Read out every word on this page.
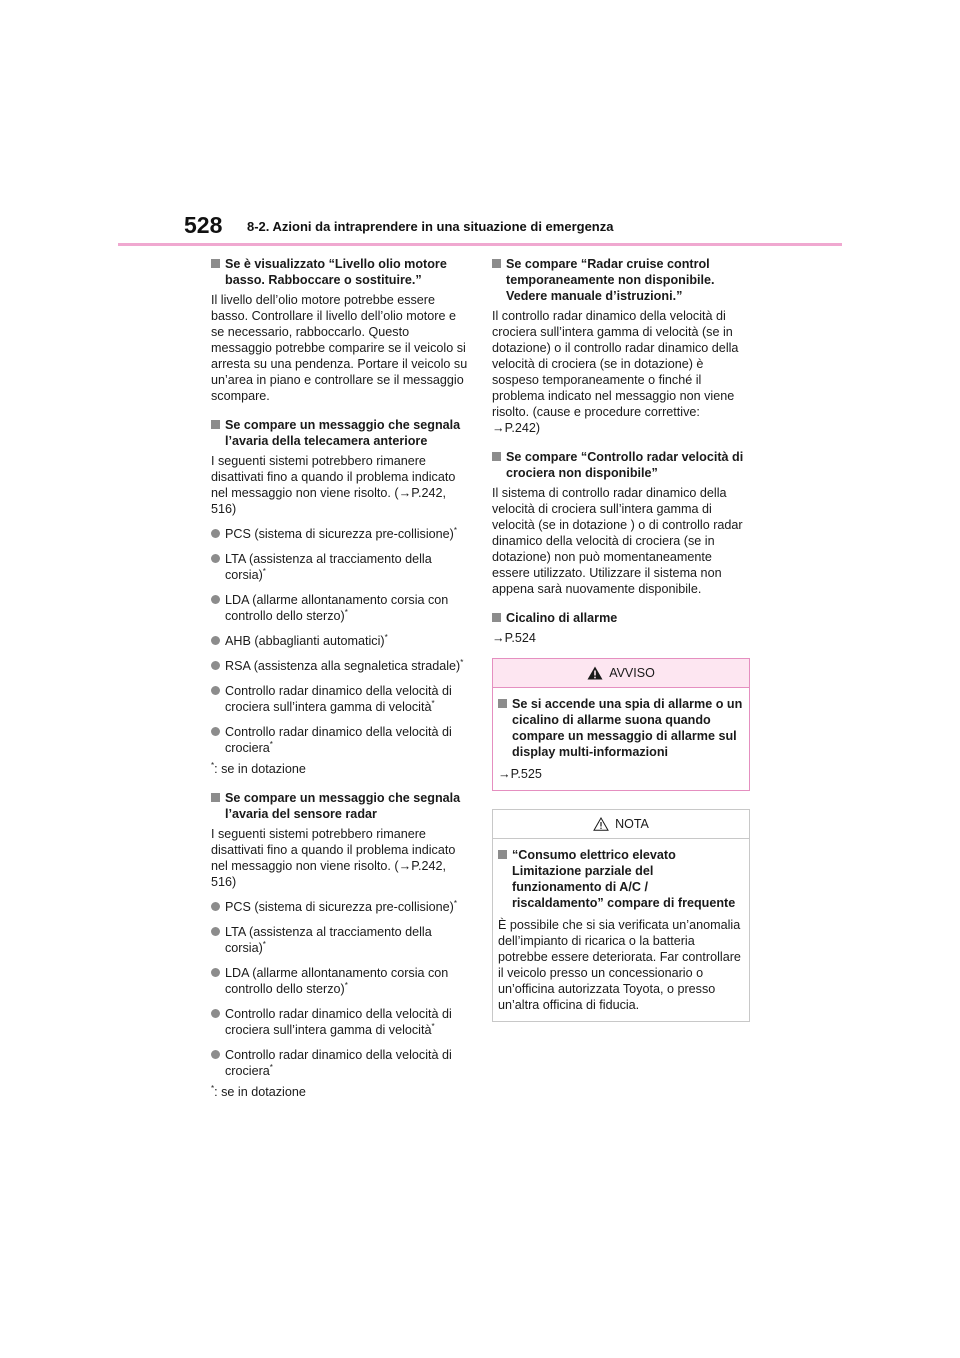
528 8-2. Azioni da intraprendere in una situazione di emergenza
Se è visualizzato “Livello olio motore basso. Rabboccare o sostituire.”
Il livello dell’olio motore potrebbe essere basso. Controllare il livello dell’olio motore e se necessario, rabboccarlo. Questo messaggio potrebbe comparire se il veicolo si arresta su una pendenza. Portare il veicolo su un’area in piano e controllare se il messaggio scompare.
Se compare un messaggio che segnala l’avaria della telecamera anteriore
I seguenti sistemi potrebbero rimanere disattivati fino a quando il problema indicato nel messaggio non viene risolto. (→P.242, 516)
PCS (sistema di sicurezza pre-collisione)*
LTA (assistenza al tracciamento della corsia)*
LDA (allarme allontanamento corsia con controllo dello sterzo)*
AHB (abbaglianti automatici)*
RSA (assistenza alla segnaletica stradale)*
Controllo radar dinamico della velocità di crociera sull’intera gamma di velocità*
Controllo radar dinamico della velocità di crociera*
*: se in dotazione
Se compare un messaggio che segnala l’avaria del sensore radar
I seguenti sistemi potrebbero rimanere disattivati fino a quando il problema indicato nel messaggio non viene risolto. (→P.242, 516)
PCS (sistema di sicurezza pre-collisione)*
LTA (assistenza al tracciamento della corsia)*
LDA (allarme allontanamento corsia con controllo dello sterzo)*
Controllo radar dinamico della velocità di crociera sull’intera gamma di velocità*
Controllo radar dinamico della velocità di crociera*
*: se in dotazione
Se compare “Radar cruise control temporaneamente non disponibile. Vedere manuale d’istruzioni.”
Il controllo radar dinamico della velocità di crociera sull’intera gamma di velocità (se in dotazione) o il controllo radar dinamico della velocità di crociera (se in dotazione) è sospeso temporaneamente o finché il problema indicato nel messaggio non viene risolto. (cause e procedure correttive: →P.242)
Se compare “Controllo radar velocità di crociera non disponibile”
Il sistema di controllo radar dinamico della velocità di crociera sull’intera gamma di velocità (se in dotazione ) o di controllo radar dinamico della velocità di crociera (se in dotazione) non può momentaneamente essere utilizzato. Utilizzare il sistema non appena sarà nuovamente disponibile.
Cicalino di allarme
→P.524
AVVISO
Se si accende una spia di allarme o un cicalino di allarme suona quando compare un messaggio di allarme sul display multi-informazioni
→P.525
NOTA
“Consumo elettrico elevato Limitazione parziale del funzionamento di A/C / riscaldamento” compare di frequente
È possibile che si sia verificata un’anomalia dell’impianto di ricarica o la batteria potrebbe essere deteriorata. Far controllare il veicolo presso un concessionario o un’officina autorizzata Toyota, o presso un’altra officina di fiducia.
